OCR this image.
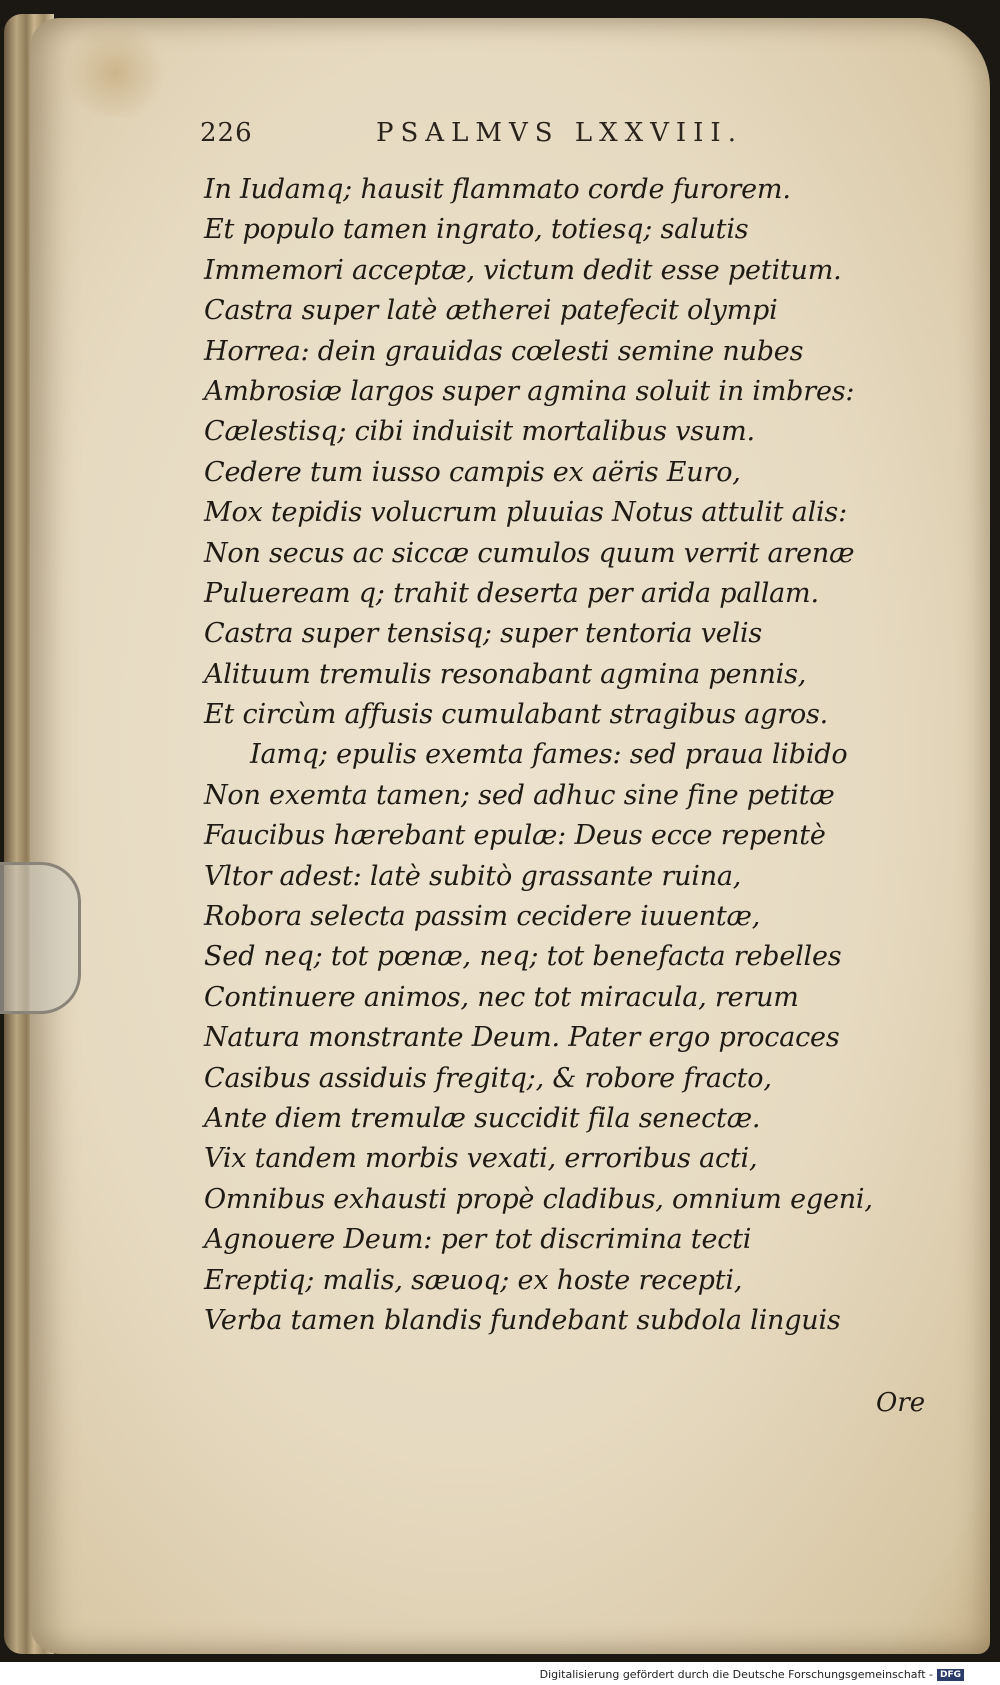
226	PSALMVS LXXVIII.
In Iudamq; hausit flammato corde furorem.
Et populo tamen ingrato, totiesq; salutis
Immemori acceptæ, victum dedit esse petitum.
Castra super latè ætherei patefecit olympi
Horrea: dein grauidas cœlesti semine nubes
Ambrosiæ largos super agmina soluit in imbres:
Cælestisq; cibi induisit mortalibus vsum.
Cedere tum iusso campis ex aëris Euro,
Mox tepidis volucrum pluuias Notus attulit alis:
Non secus ac siccæ cumulos quum verrit arenæ
Pulueream q; trahit deserta per arida pallam.
Castra super tensisq; super tentoria velis
Alituum tremulis resonabant agmina pennis,
Et circùm affusis cumulabant stragibus agros.
Iamq; epulis exemta fames: sed praua libido
Non exemta tamen; sed adhuc sine fine petitæ
Faucibus hærebant epulæ: Deus ecce repentè
Vltor adest: latè subitò grassante ruina,
Robora selecta passim cecidere iuuentæ,
Sed neq; tot pœnæ, neq; tot benefacta rebelles
Continuere animos, nec tot miracula, rerum
Natura monstrante Deum. Pater ergo procaces
Casibus assiduis fregitq;, & robore fracto,
Ante diem tremulæ succidit fila senectæ.
Vix tandem morbis vexati, erroribus acti,
Omnibus exhausti propè cladibus, omnium egeni,
Agnouere Deum: per tot discrimina tecti
Ereptiq; malis, sæuoq; ex hoste recepti,
Verba tamen blandis fundebant subdola linguis
Ore
Digitalisierung gefördert durch die Deutsche Forschungsgemeinschaft - DFG
